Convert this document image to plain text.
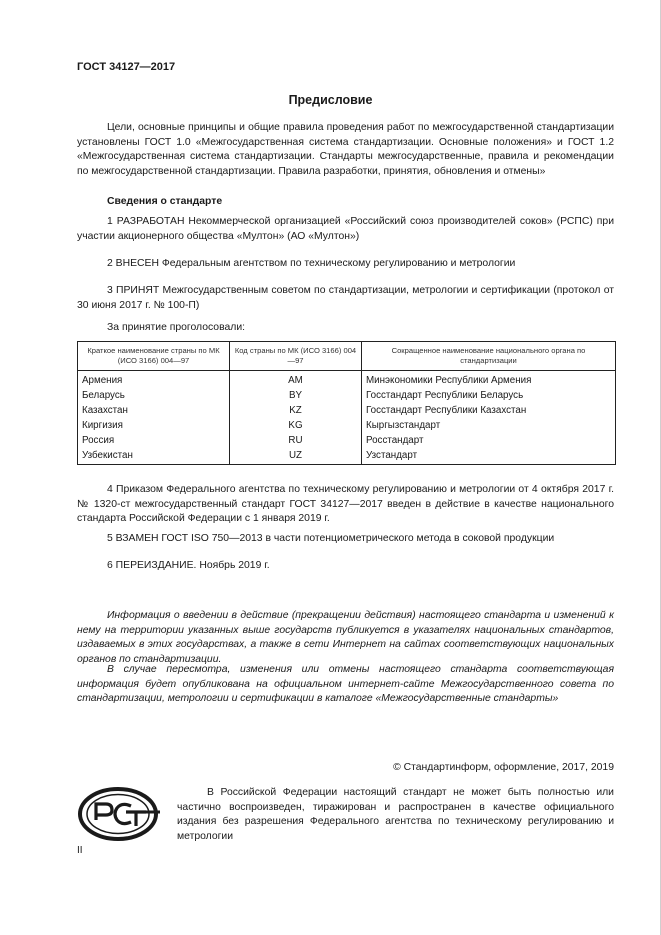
ГОСТ 34127—2017
Предисловие
Цели, основные принципы и общие правила проведения работ по межгосударственной стандартизации установлены ГОСТ 1.0 «Межгосударственная система стандартизации. Основные положения» и ГОСТ 1.2 «Межгосударственная система стандартизации. Стандарты межгосударственные, правила и рекомендации по межгосударственной стандартизации. Правила разработки, принятия, обновления и отмены»
Сведения о стандарте
1 РАЗРАБОТАН Некоммерческой организацией «Российский союз производителей соков» (РСПС) при участии акционерного общества «Мултон» (АО «Мултон»)
2 ВНЕСЕН Федеральным агентством по техническому регулированию и метрологии
3 ПРИНЯТ Межгосударственным советом по стандартизации, метрологии и сертификации (протокол от 30 июня 2017 г. № 100-П)
За принятие проголосовали:
Краткое наименование страны по МК (ИСО 3166) 004—97	Код страны по МК (ИСО 3166) 004—97	Сокращенное наименование национального органа по стандартизации
Армения	AM	Минэкономики Республики Армения
Беларусь	BY	Госстандарт Республики Беларусь
Казахстан	KZ	Госстандарт Республики Казахстан
Киргизия	KG	Кыргызстандарт
Россия	RU	Росстандарт
Узбекистан	UZ	Узстандарт
4 Приказом Федерального агентства по техническому регулированию и метрологии от 4 октября 2017 г. № 1320-ст межгосударственный стандарт ГОСТ 34127—2017 введен в действие в качестве национального стандарта Российской Федерации с 1 января 2019 г.
5 ВЗАМЕН ГОСТ ISO 750—2013 в части потенциометрического метода в соковой продукции
6 ПЕРЕИЗДАНИЕ. Ноябрь 2019 г.
Информация о введении в действие (прекращении действия) настоящего стандарта и изменений к нему на территории указанных выше государств публикуется в указателях национальных стандартов, издаваемых в этих государствах, а также в сети Интернет на сайтах соответствующих национальных органов по стандартизации.
В случае пересмотра, изменения или отмены настоящего стандарта соответствующая информация будет опубликована на официальном интернет-сайте Межгосударственного совета по стандартизации, метрологии и сертификации в каталоге «Межгосударственные стандарты»
© Стандартинформ, оформление, 2017, 2019
В Российской Федерации настоящий стандарт не может быть полностью или частично воспроизведен, тиражирован и распространен в качестве официального издания без разрешения Федерального агентства по техническому регулированию и метрологии
II
